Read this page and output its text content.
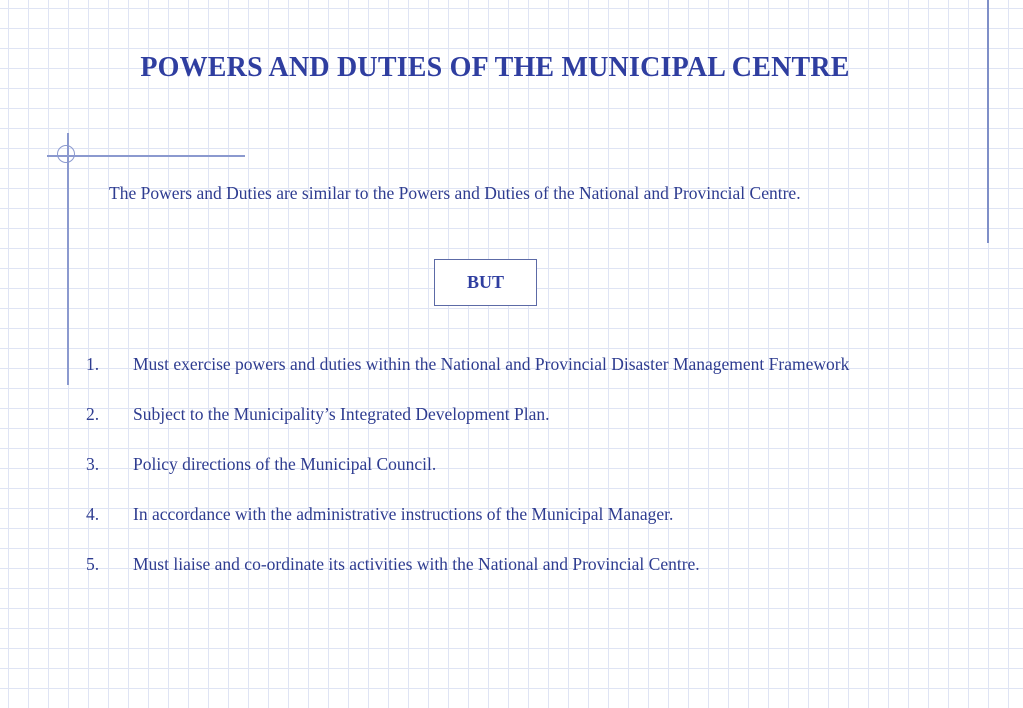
POWERS AND DUTIES OF THE MUNICIPAL CENTRE
The Powers and Duties are similar to the Powers and Duties of the National and Provincial Centre.
BUT
1. Must exercise powers and duties within the National and Provincial Disaster Management Framework
2. Subject to the Municipality’s Integrated Development Plan.
3. Policy directions of the Municipal Council.
4. In accordance with the administrative instructions of the Municipal Manager.
5. Must liaise and co-ordinate its activities with the National and Provincial Centre.
